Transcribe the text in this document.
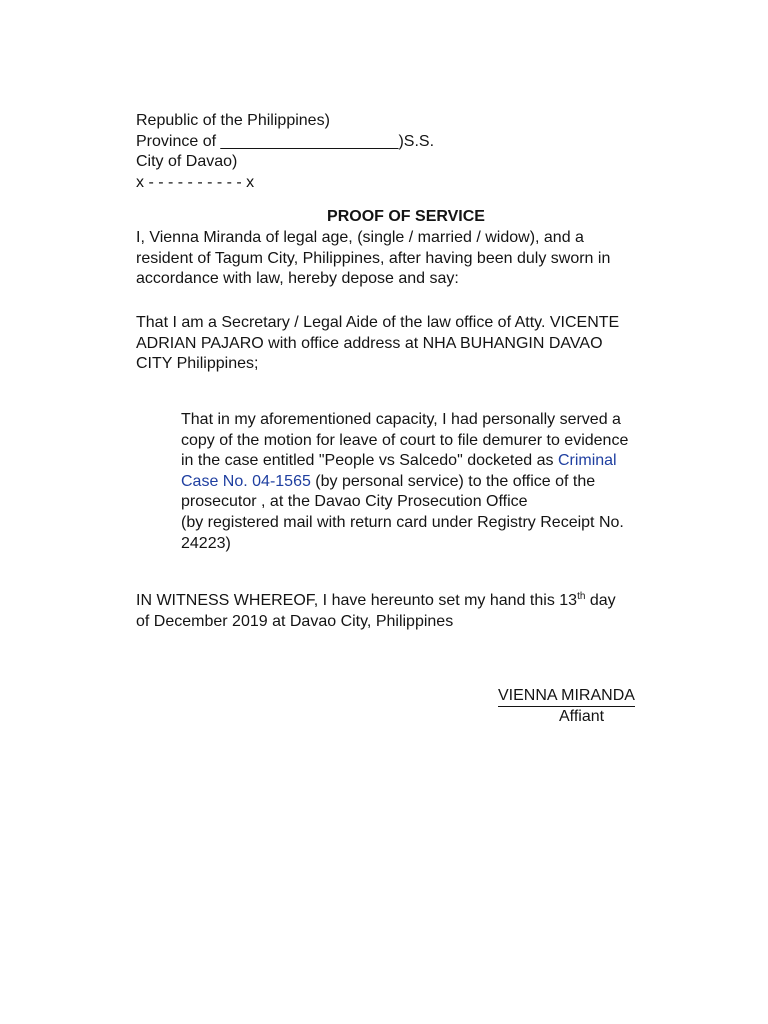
Republic of the Philippines)
Province of ____________________)S.S.
City of Davao)
x - - - - - - - - - - x
PROOF OF SERVICE
I, Vienna Miranda of legal age, (single / married / widow), and a
resident of Tagum City, Philippines, after having been duly sworn in
accordance with law, hereby depose and say:
That I am a Secretary / Legal Aide of the law office of Atty. VICENTE
ADRIAN PAJARO with office address at NHA BUHANGIN DAVAO
CITY Philippines;
That in my aforementioned capacity, I had personally served a
copy of the motion for leave of court to file demurer to evidence
in the case entitled "People vs Salcedo" docketed as Criminal
Case No. 04-1565 (by personal service) to the office of the
prosecutor , at the Davao City Prosecution Office
(by registered mail with return card under Registry Receipt No.
24223)
IN WITNESS WHEREOF, I have hereunto set my hand this 13th day
of December 2019 at Davao City, Philippines
VIENNA MIRANDA
Affiant
